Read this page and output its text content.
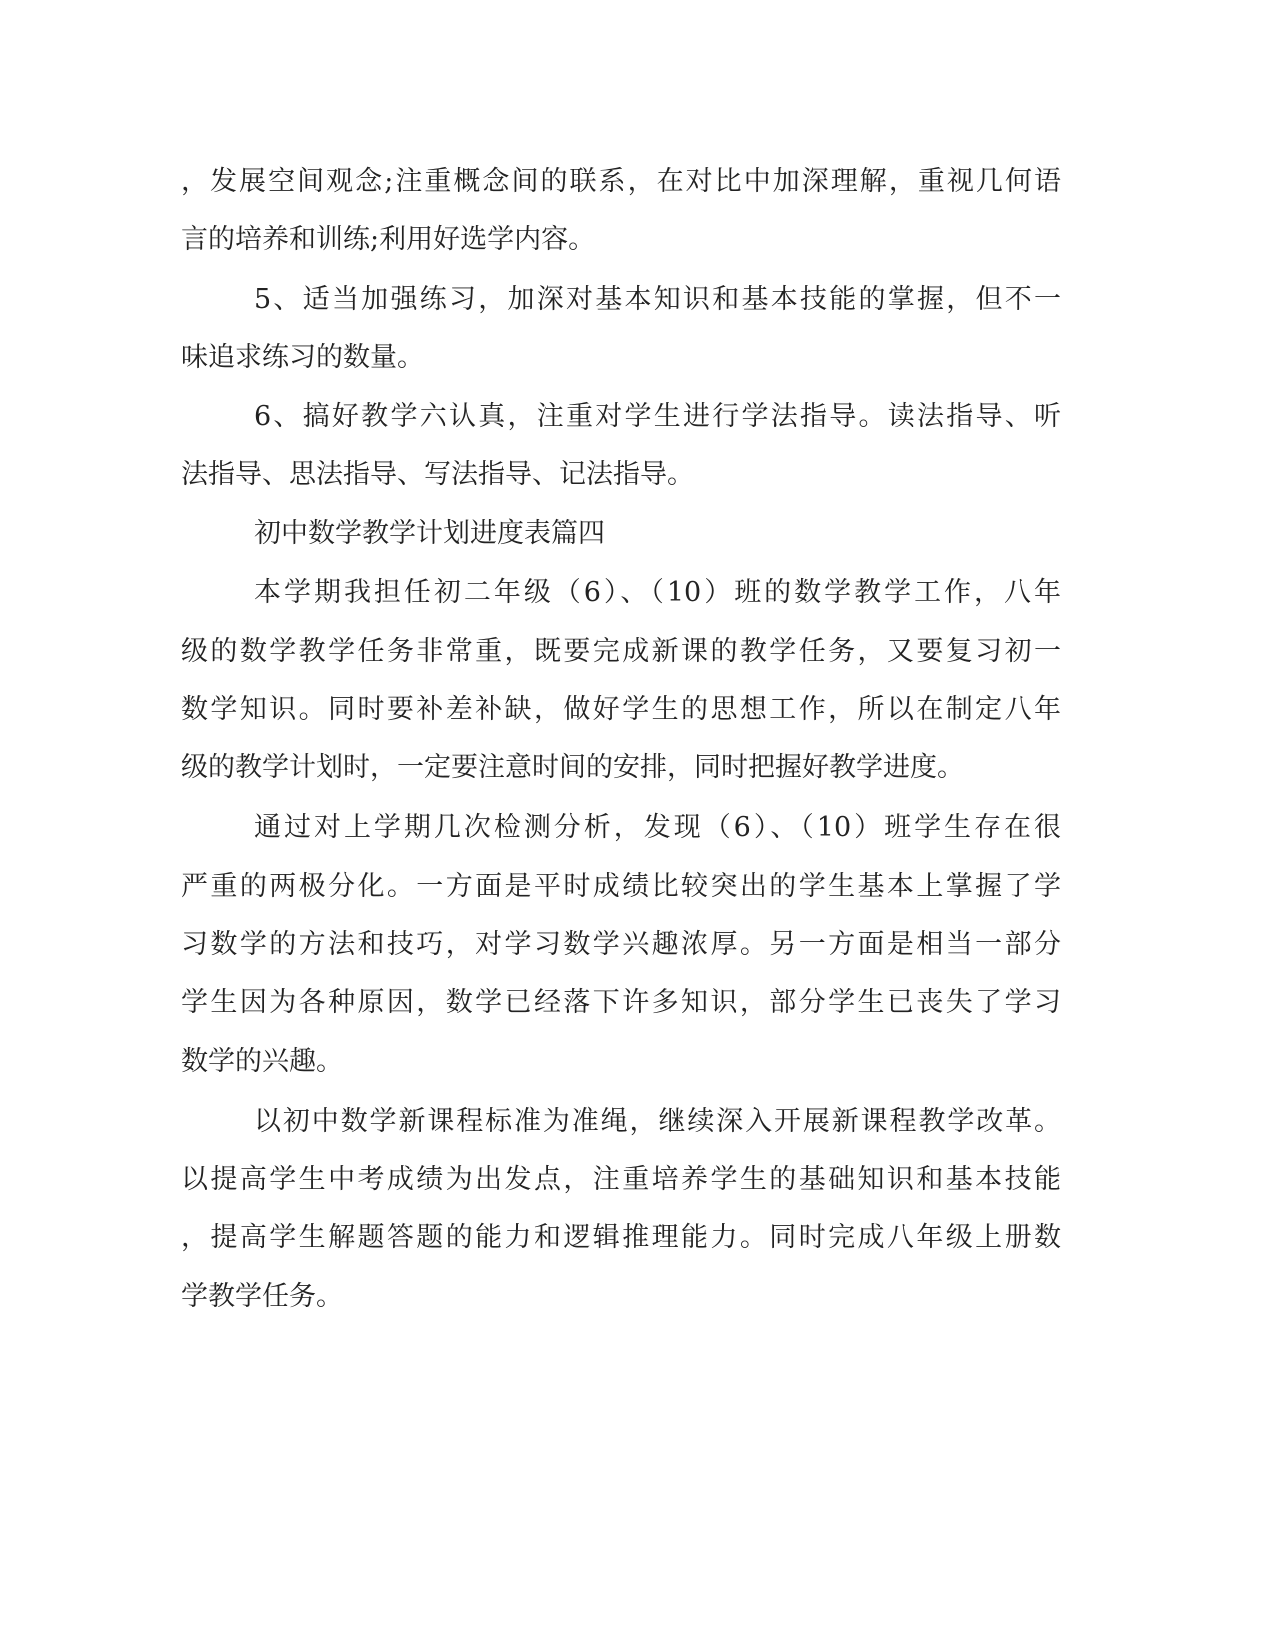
，发展空间观念;注重概念间的联系，在对比中加深理解，重视几何语
言的培养和训练;利用好选学内容。
5、适当加强练习，加深对基本知识和基本技能的掌握，但不一
味追求练习的数量。
6、搞好教学六认真，注重对学生进行学法指导。读法指导、听
法指导、思法指导、写法指导、记法指导。
初中数学教学计划进度表篇四
本学期我担任初二年级（6）、（10）班的数学教学工作，八年
级的数学教学任务非常重，既要完成新课的教学任务，又要复习初一
数学知识。同时要补差补缺，做好学生的思想工作，所以在制定八年
级的教学计划时，一定要注意时间的安排，同时把握好教学进度。
通过对上学期几次检测分析，发现（6）、（10）班学生存在很
严重的两极分化。一方面是平时成绩比较突出的学生基本上掌握了学
习数学的方法和技巧，对学习数学兴趣浓厚。另一方面是相当一部分
学生因为各种原因，数学已经落下许多知识，部分学生已丧失了学习
数学的兴趣。
以初中数学新课程标准为准绳，继续深入开展新课程教学改革。
以提高学生中考成绩为出发点，注重培养学生的基础知识和基本技能
，提高学生解题答题的能力和逻辑推理能力。同时完成八年级上册数
学教学任务。
